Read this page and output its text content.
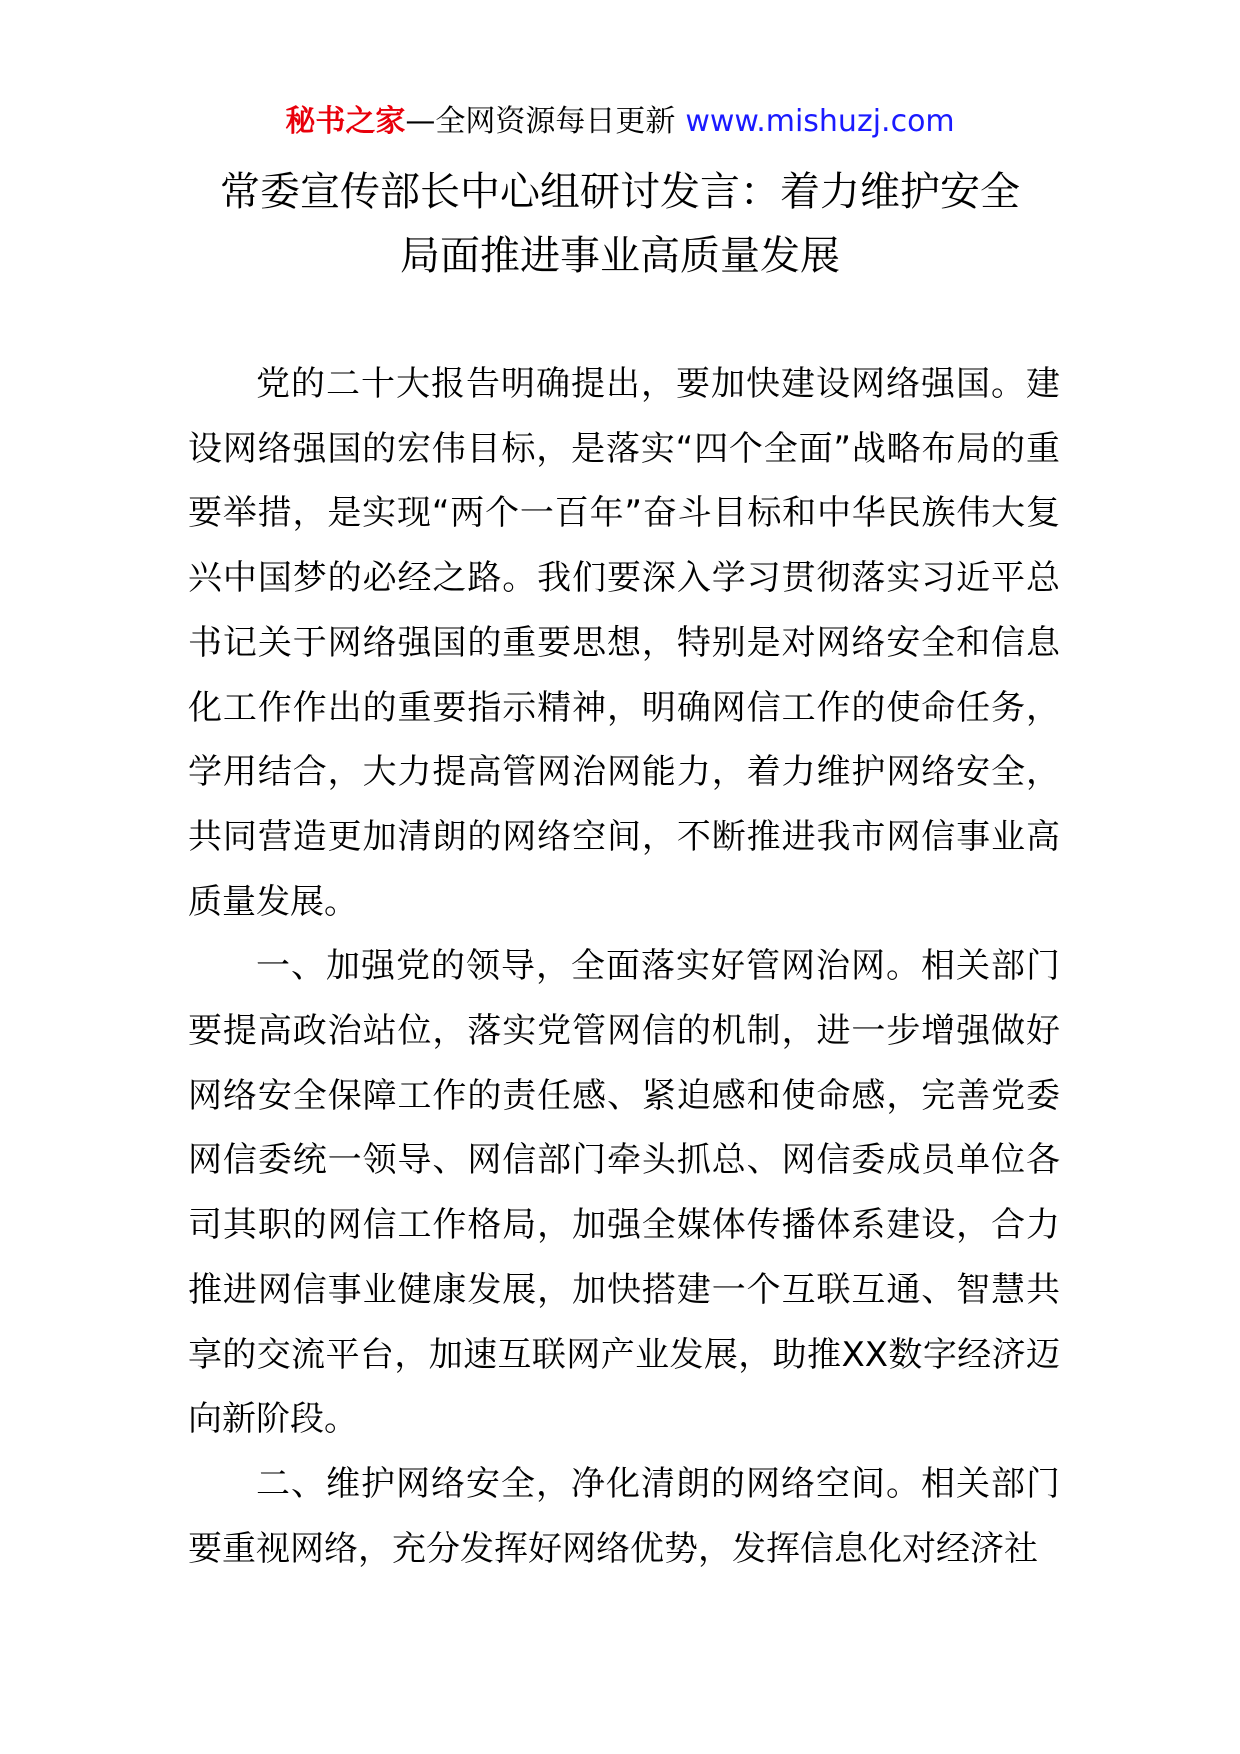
秘书之家—全网资源每日更新 www.mishuzj.com
常委宣传部长中心组研讨发言：着力维护安全
局面推进事业高质量发展

党的二十大报告明确提出，要加快建设网络强国。建设网络强国的宏伟目标，是落实“四个全面”战略布局的重要举措，是实现“两个一百年”奋斗目标和中华民族伟大复兴中国梦的必经之路。我们要深入学习贯彻落实习近平总书记关于网络强国的重要思想，特别是对网络安全和信息化工作作出的重要指示精神，明确网信工作的使命任务，学用结合，大力提高管网治网能力，着力维护网络安全，共同营造更加清朗的网络空间，不断推进我市网信事业高质量发展。

一、加强党的领导，全面落实好管网治网。相关部门要提高政治站位，落实党管网信的机制，进一步增强做好网络安全保障工作的责任感、紧迫感和使命感，完善党委网信委统一领导、网信部门牵头抓总、网信委成员单位各司其职的网信工作格局，加强全媒体传播体系建设，合力推进网信事业健康发展，加快搭建一个互联互通、智慧共享的交流平台，加速互联网产业发展，助推XX数字经济迈向新阶段。

二、维护网络安全，净化清朗的网络空间。相关部门要重视网络，充分发挥好网络优势，发挥信息化对经济社
